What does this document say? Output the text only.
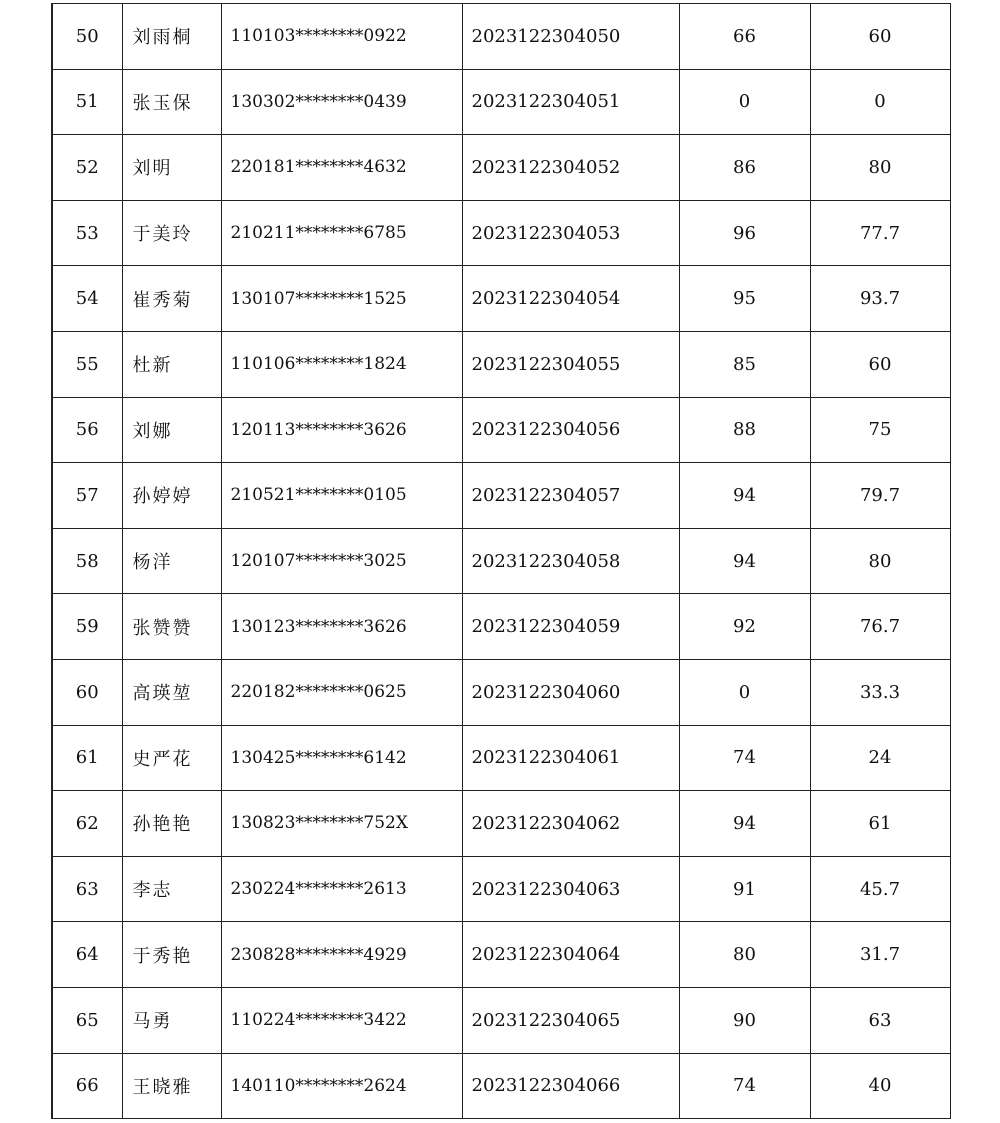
50	刘雨桐	110103********0922	2023122304050	66	60
51	张玉保	130302********0439	2023122304051	0	0
52	刘明	220181********4632	2023122304052	86	80
53	于美玲	210211********6785	2023122304053	96	77.7
54	崔秀菊	130107********1525	2023122304054	95	93.7
55	杜新	110106********1824	2023122304055	85	60
56	刘娜	120113********3626	2023122304056	88	75
57	孙婷婷	210521********0105	2023122304057	94	79.7
58	杨洋	120107********3025	2023122304058	94	80
59	张赞赞	130123********3626	2023122304059	92	76.7
60	高瑛堃	220182********0625	2023122304060	0	33.3
61	史严花	130425********6142	2023122304061	74	24
62	孙艳艳	130823********752X	2023122304062	94	61
63	李志	230224********2613	2023122304063	91	45.7
64	于秀艳	230828********4929	2023122304064	80	31.7
65	马勇	110224********3422	2023122304065	90	63
66	王晓雅	140110********2624	2023122304066	74	40
